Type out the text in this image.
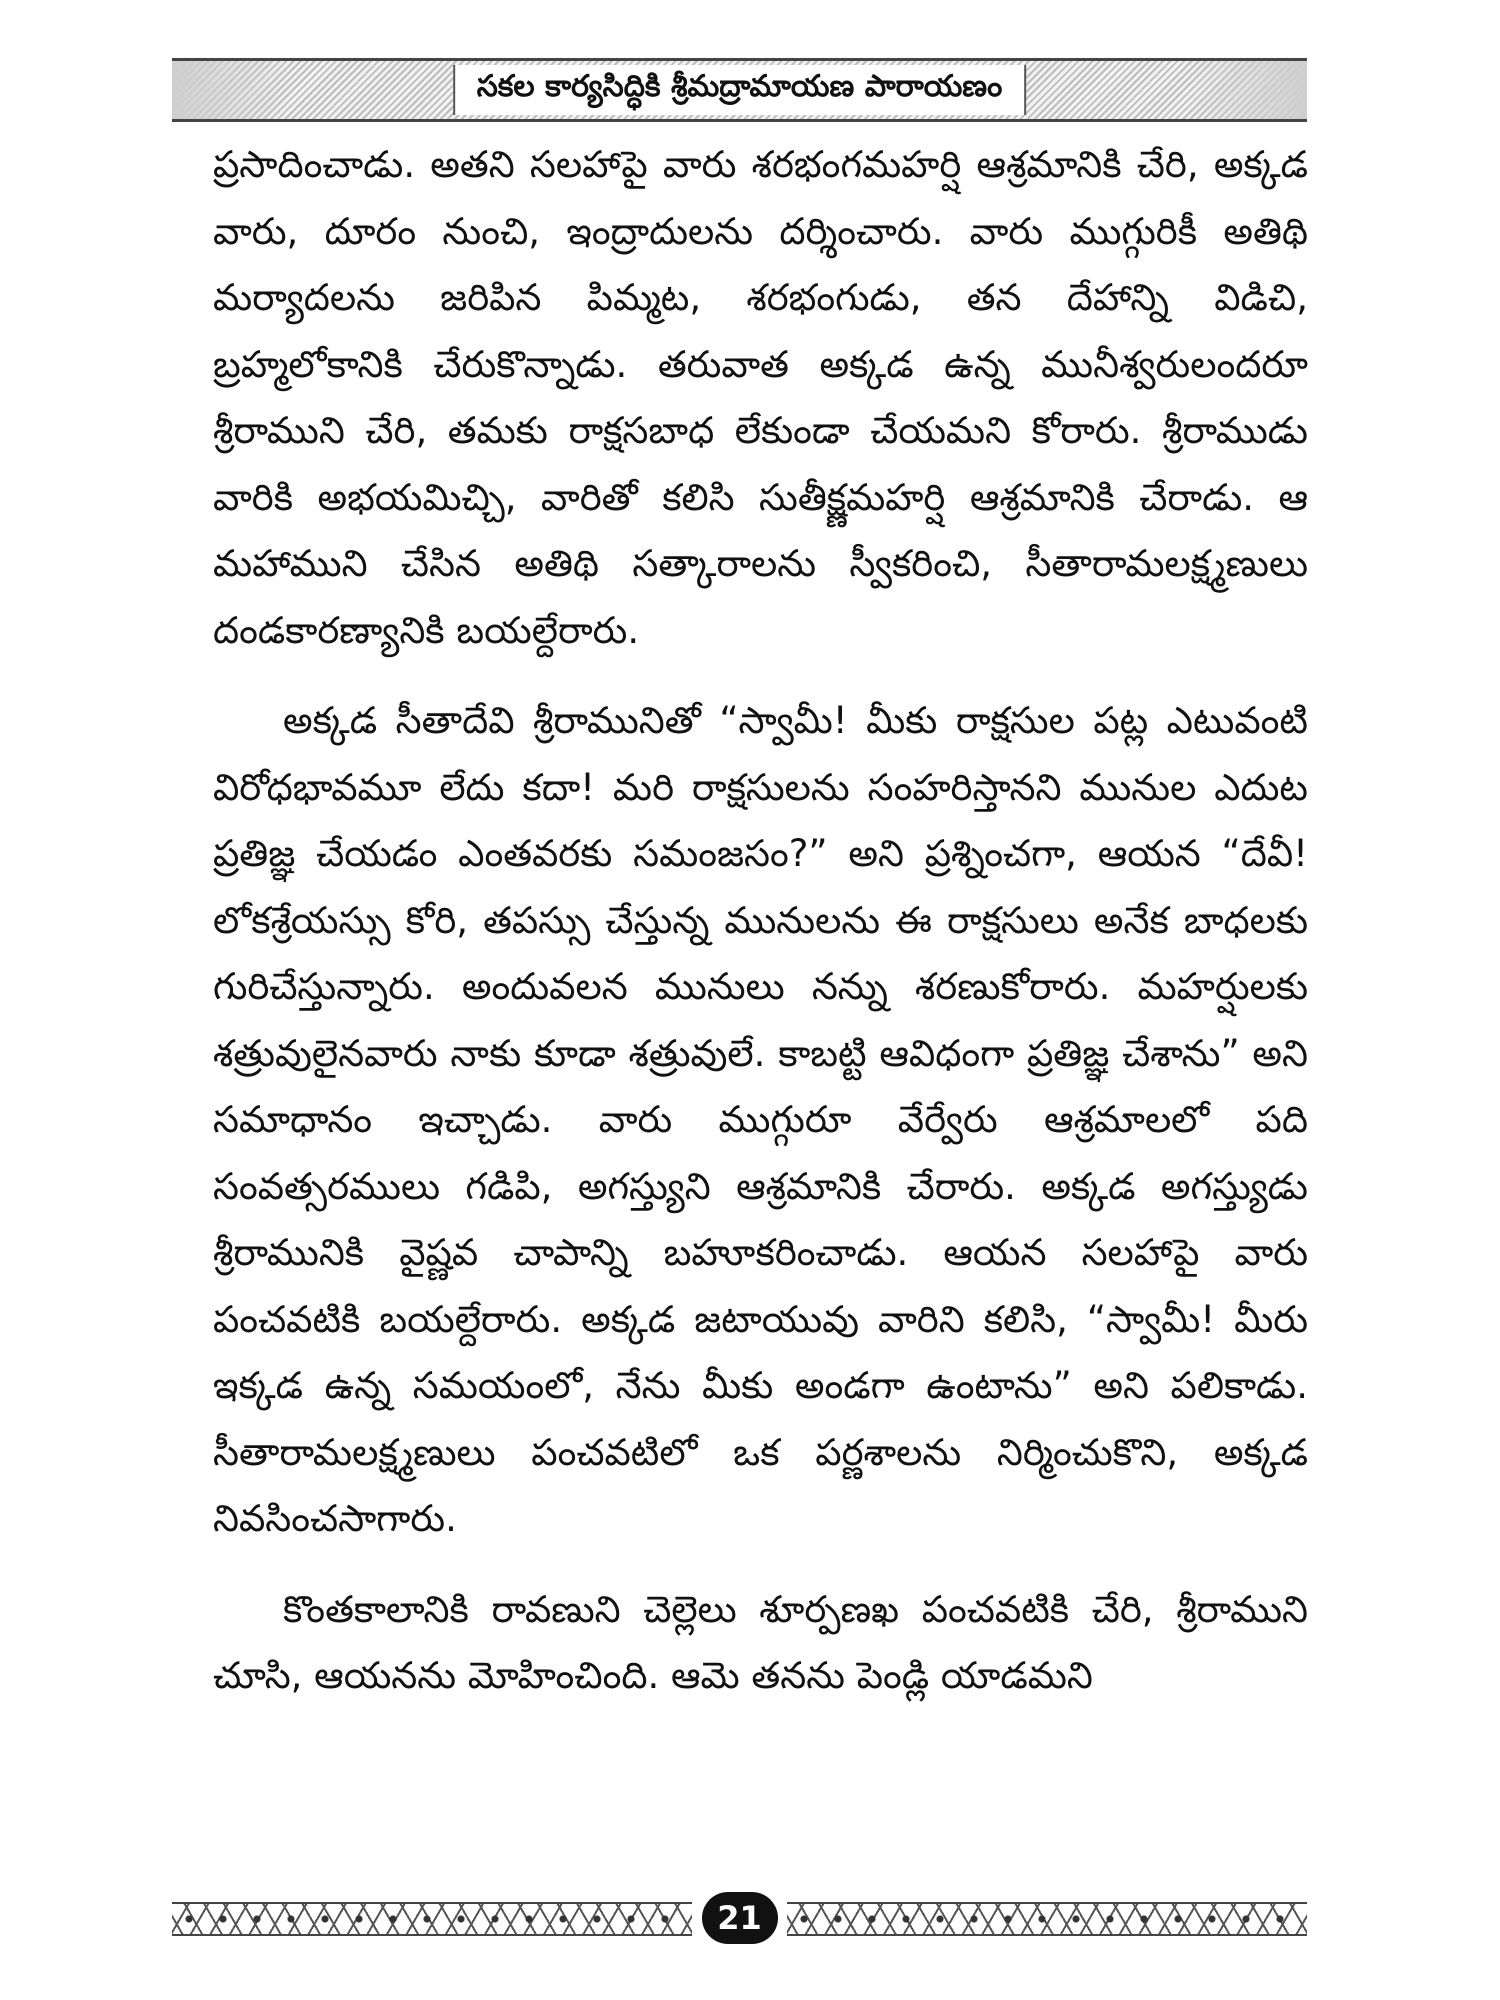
సకల కార్యసిద్ధికి శ్రీమద్రామాయణ పారాయణం

ప్రసాదించాడు. అతని సలహాపై వారు శరభంగమహర్షి ఆశ్రమానికి చేరి, అక్కడ వారు, దూరం నుంచి, ఇంద్రాదులను దర్శించారు. వారు ముగ్గురికీ అతిథి మర్యాదలను జరిపిన పిమ్మట, శరభంగుడు, తన దేహాన్ని విడిచి, బ్రహ్మలోకానికి చేరుకొన్నాడు. తరువాత అక్కడ ఉన్న మునీశ్వరులందరూ శ్రీరాముని చేరి, తమకు రాక్షసబాధ లేకుండా చేయమని కోరారు. శ్రీరాముడు వారికి అభయమిచ్చి, వారితో కలిసి సుతీక్ష్ణమహర్షి ఆశ్రమానికి చేరాడు. ఆ మహాముని చేసిన అతిథి సత్కారాలను స్వీకరించి, సీతారామలక్ష్మణులు దండకారణ్యానికి బయల్దేరారు.

అక్కడ సీతాదేవి శ్రీరామునితో “స్వామీ! మీకు రాక్షసుల పట్ల ఎటువంటి విరోధభావమూ లేదు కదా! మరి రాక్షసులను సంహరిస్తానని మునుల ఎదుట ప్రతిజ్ఞ చేయడం ఎంతవరకు సమంజసం?” అని ప్రశ్నించగా, ఆయన “దేవీ! లోకశ్రేయస్సు కోరి, తపస్సు చేస్తున్న మునులను ఈ రాక్షసులు అనేక బాధలకు గురిచేస్తున్నారు. అందువలన మునులు నన్ను శరణుకోరారు. మహర్షులకు శత్రువులైనవారు నాకు కూడా శత్రువులే. కాబట్టి ఆవిధంగా ప్రతిజ్ఞ చేశాను” అని సమాధానం ఇచ్చాడు. వారు ముగ్గురూ వేర్వేరు ఆశ్రమాలలో పది సంవత్సరములు గడిపి, అగస్త్యుని ఆశ్రమానికి చేరారు. అక్కడ అగస్త్యుడు శ్రీరామునికి వైష్ణవ చాపాన్ని బహూకరించాడు. ఆయన సలహాపై వారు పంచవటికి బయల్దేరారు. అక్కడ జటాయువు వారిని కలిసి, “స్వామీ! మీరు ఇక్కడ ఉన్న సమయంలో, నేను మీకు అండగా ఉంటాను” అని పలికాడు. సీతారామలక్ష్మణులు పంచవటిలో ఒక పర్ణశాలను నిర్మించుకొని, అక్కడ నివసించసాగారు.

కొంతకాలానికి రావణుని చెల్లెలు శూర్పణఖ పంచవటికి చేరి, శ్రీరాముని చూసి, ఆయనను మోహించింది. ఆమె తనను పెండ్లి యాడమని

21
